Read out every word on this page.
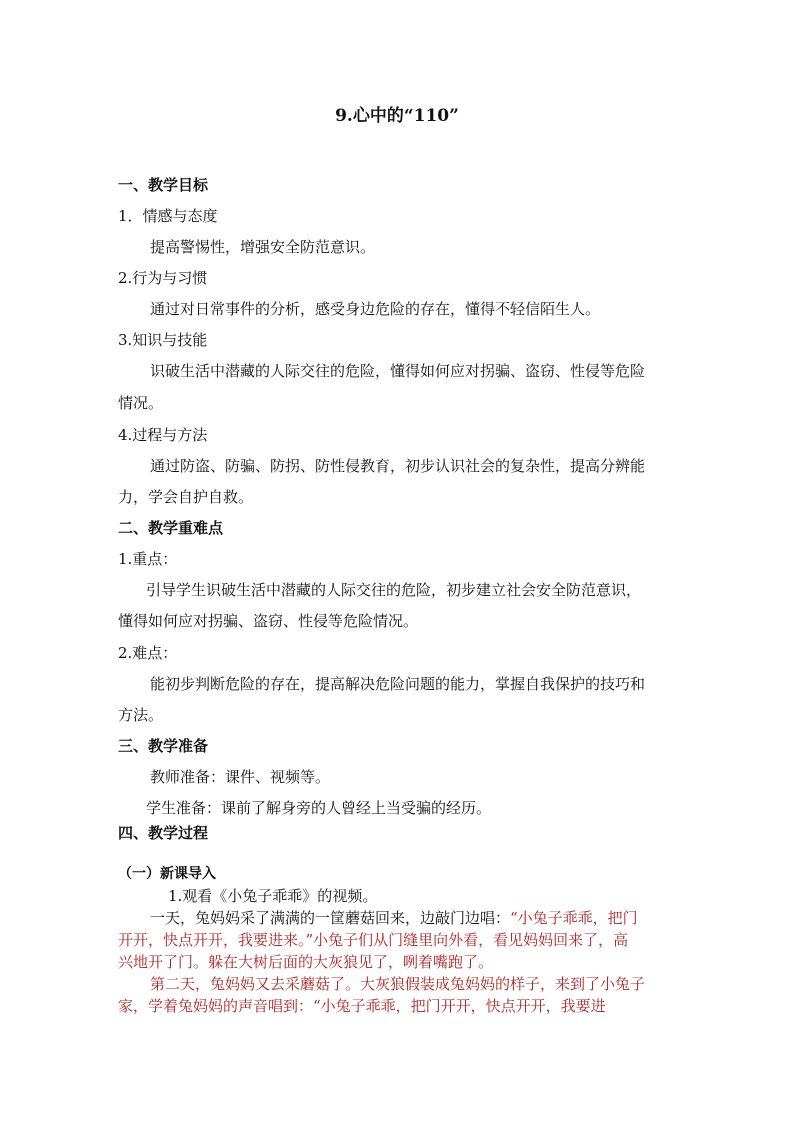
9.心中的“110”
一、教学目标
1．情感与态度
提高警惕性，增强安全防范意识。
2.行为与习惯
通过对日常事件的分析，感受身边危险的存在，懂得不轻信陌生人。
3.知识与技能
识破生活中潜藏的人际交往的危险，懂得如何应对拐骗、盗窃、性侵等危险
情况。
4.过程与方法
通过防盗、防骗、防拐、防性侵教育，初步认识社会的复杂性，提高分辨能
力，学会自护自救。
二、教学重难点
1.重点：
引导学生识破生活中潜藏的人际交往的危险，初步建立社会安全防范意识，
懂得如何应对拐骗、盗窃、性侵等危险情况。
2.难点：
能初步判断危险的存在，提高解决危险问题的能力，掌握自我保护的技巧和
方法。
三、教学准备
教师准备：课件、视频等。
学生准备：课前了解身旁的人曾经上当受骗的经历。
四、教学过程
（一）新课导入
1.观看《小兔子乖乖》的视频。
一天，兔妈妈采了满满的一筐蘑菇回来，边敲门边唱：“小兔子乖乖，把门
开开，快点开开，我要进来。”小兔子们从门缝里向外看，看见妈妈回来了，高
兴地开了门。躲在大树后面的大灰狼见了，咧着嘴跑了。
第二天，兔妈妈又去采蘑菇了。大灰狼假装成兔妈妈的样子，来到了小兔子
家，学着兔妈妈的声音唱到：“小兔子乖乖，把门开开，快点开开，我要进
